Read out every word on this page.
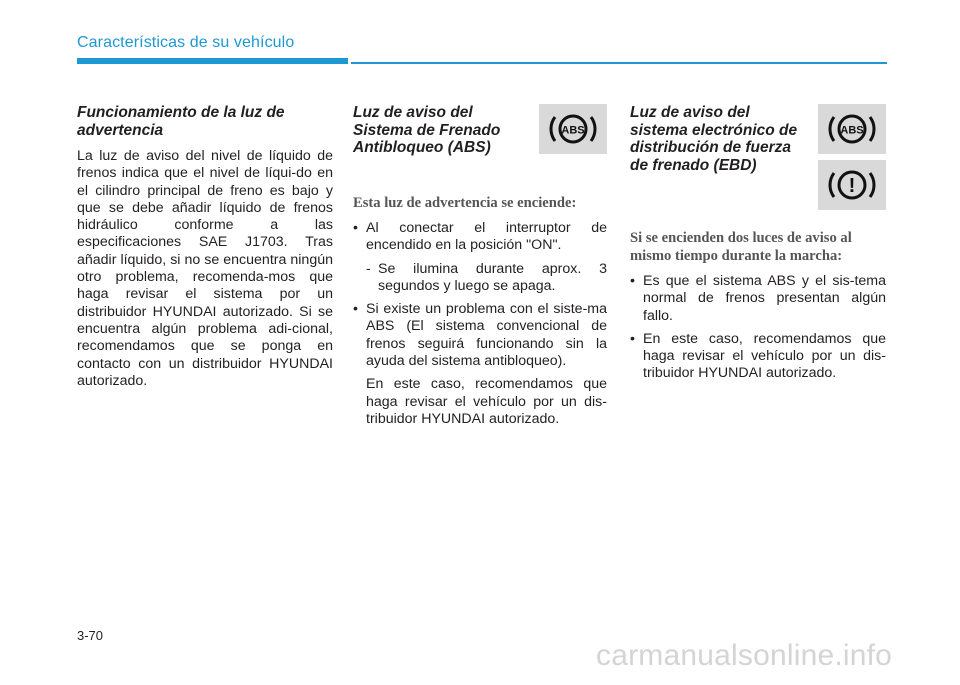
Características de su vehículo
Funcionamiento de la luz de advertencia

La luz de aviso del nivel de líquido de frenos indica que el nivel de líqui-do en el cilindro principal de freno es bajo y que se debe añadir líquido de frenos hidráulico conforme a las especificaciones SAE J1703. Tras añadir líquido, si no se encuentra ningún otro problema, recomenda-mos que haga revisar el sistema por un distribuidor HYUNDAI autorizado. Si se encuentra algún problema adi-cional, recomendamos que se ponga en contacto con un distribuidor HYUNDAI autorizado.

Luz de aviso del Sistema de Frenado Antibloqueo (ABS)
ABS
Esta luz de advertencia se enciende:
• Al conectar el interruptor de encendido en la posición "ON".
- Se ilumina durante aprox. 3 segundos y luego se apaga.
• Si existe un problema con el siste-ma ABS (El sistema convencional de frenos seguirá funcionando sin la ayuda del sistema antibloqueo).
En este caso, recomendamos que haga revisar el vehículo por un dis-tribuidor HYUNDAI autorizado.
Luz de aviso del sistema electrónico de distribución de fuerza de frenado (EBD)
ABS
!
Si se encienden dos luces de aviso al mismo tiempo durante la marcha:
• Es que el sistema ABS y el sis-tema normal de frenos presentan algún fallo.
• En este caso, recomendamos que haga revisar el vehículo por un dis-tribuidor HYUNDAI autorizado.
3-70
carmanualsonline.info
